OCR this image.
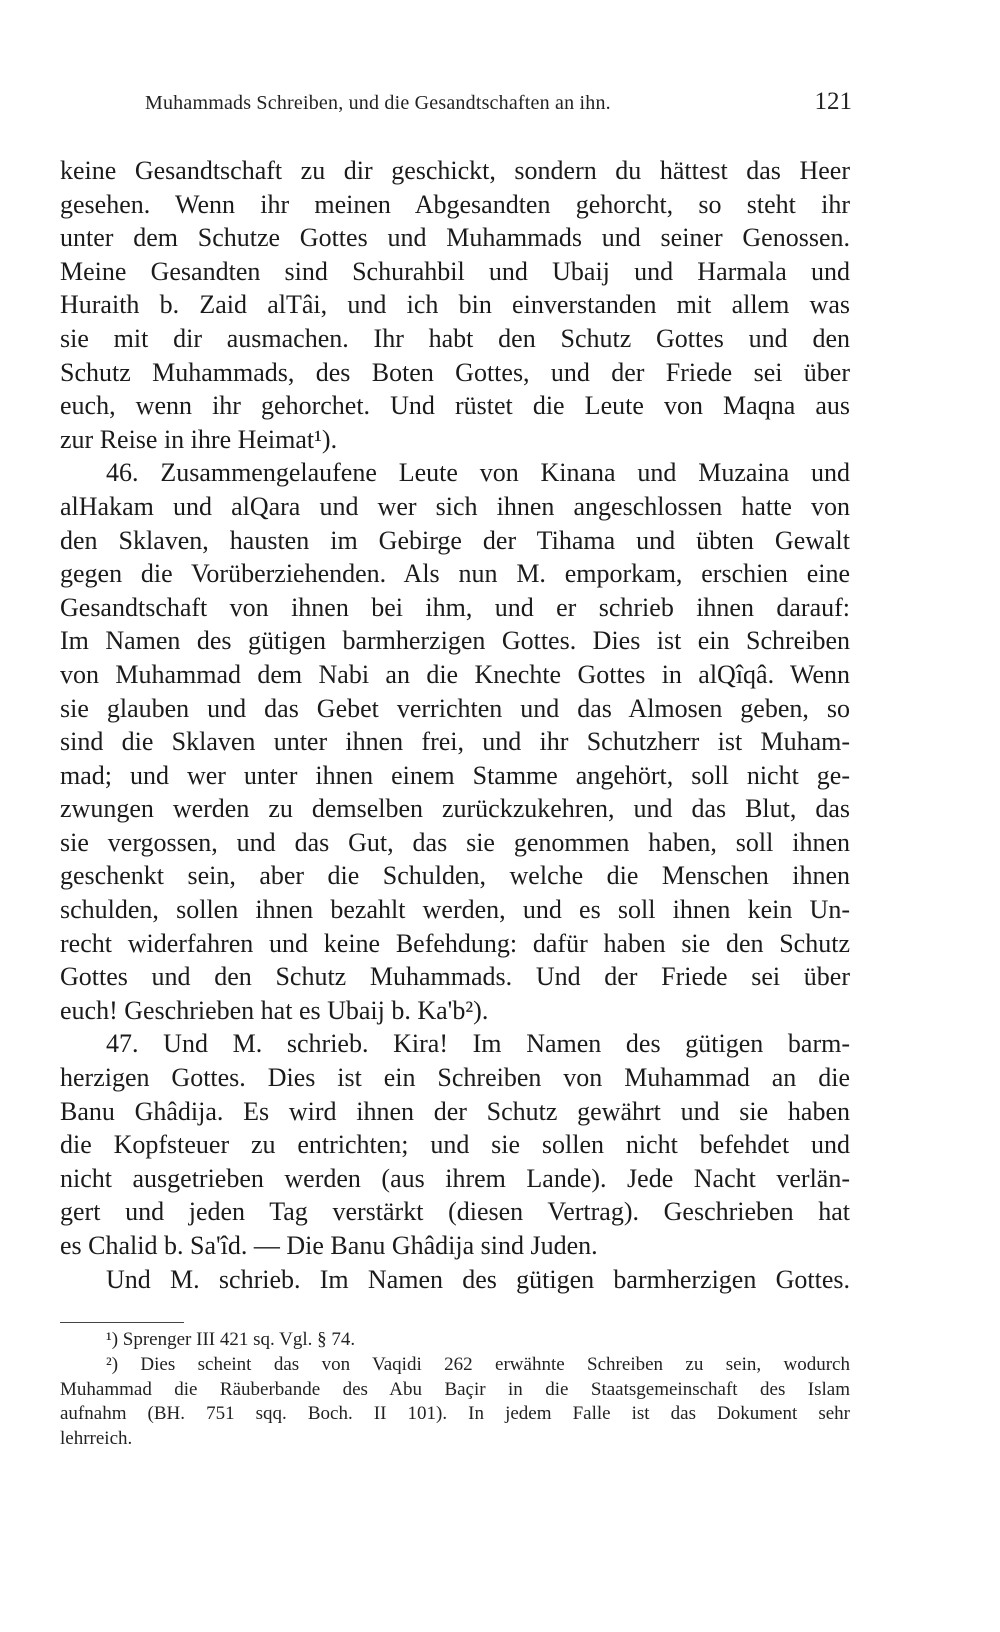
Muhammads Schreiben, und die Gesandtschaften an ihn.	121
keine Gesandtschaft zu dir geschickt, sondern du hättest das Heer
gesehen. Wenn ihr meinen Abgesandten gehorcht, so steht ihr
unter dem Schutze Gottes und Muhammads und seiner Genossen.
Meine Gesandten sind Schurahbil und Ubaij und Harmala und
Huraith b. Zaid alTâi, und ich bin einverstanden mit allem was
sie mit dir ausmachen. Ihr habt den Schutz Gottes und den
Schutz Muhammads, des Boten Gottes, und der Friede sei über
euch, wenn ihr gehorchet. Und rüstet die Leute von Maqna aus
zur Reise in ihre Heimat¹).
46. Zusammengelaufene Leute von Kinana und Muzaina und
alHakam und alQara und wer sich ihnen angeschlossen hatte von
den Sklaven, hausten im Gebirge der Tihama und übten Gewalt
gegen die Vorüberziehenden. Als nun M. emporkam, erschien eine
Gesandtschaft von ihnen bei ihm, und er schrieb ihnen darauf:
Im Namen des gütigen barmherzigen Gottes. Dies ist ein Schreiben
von Muhammad dem Nabi an die Knechte Gottes in alQîqâ. Wenn
sie glauben und das Gebet verrichten und das Almosen geben, so
sind die Sklaven unter ihnen frei, und ihr Schutzherr ist Muham-
mad; und wer unter ihnen einem Stamme angehört, soll nicht ge-
zwungen werden zu demselben zurückzukehren, und das Blut, das
sie vergossen, und das Gut, das sie genommen haben, soll ihnen
geschenkt sein, aber die Schulden, welche die Menschen ihnen
schulden, sollen ihnen bezahlt werden, und es soll ihnen kein Un-
recht widerfahren und keine Befehdung: dafür haben sie den Schutz
Gottes und den Schutz Muhammads. Und der Friede sei über
euch! Geschrieben hat es Ubaij b. Ka'b²).
47. Und M. schrieb. Kira! Im Namen des gütigen barm-
herzigen Gottes. Dies ist ein Schreiben von Muhammad an die
Banu Ghâdija. Es wird ihnen der Schutz gewährt und sie haben
die Kopfsteuer zu entrichten; und sie sollen nicht befehdet und
nicht ausgetrieben werden (aus ihrem Lande). Jede Nacht verlän-
gert und jeden Tag verstärkt (diesen Vertrag). Geschrieben hat
es Chalid b. Sa'îd. — Die Banu Ghâdija sind Juden.
Und M. schrieb. Im Namen des gütigen barmherzigen Gottes.
¹) Sprenger III 421 sq. Vgl. § 74.
²) Dies scheint das von Vaqidi 262 erwähnte Schreiben zu sein, wodurch
Muhammad die Räuberbande des Abu Baçir in die Staatsgemeinschaft des Islam
aufnahm (BH. 751 sqq. Boch. II 101). In jedem Falle ist das Dokument sehr
lehrreich.
